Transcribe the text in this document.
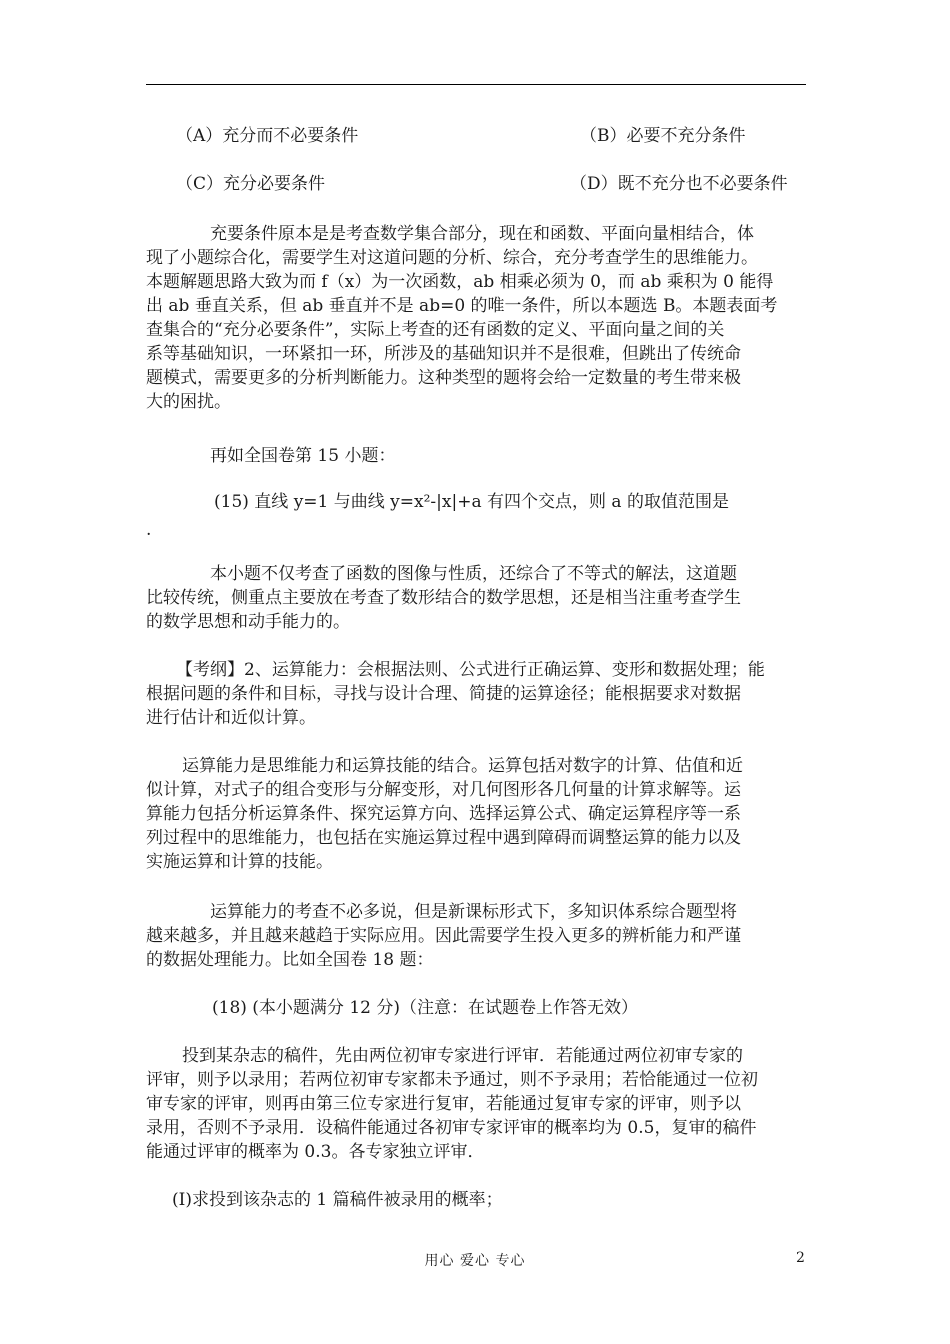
（A）充分而不必要条件	（B）必要不充分条件
（C）充分必要条件	（D）既不充分也不必要条件
充要条件原本是是考查数学集合部分，现在和函数、平面向量相结合，体
现了小题综合化，需要学生对这道问题的分析、综合，充分考查学生的思维能力。
本题解题思路大致为而 f（x）为一次函数，ab 相乘必须为 0，而 ab 乘积为 0 能得
出 ab 垂直关系，但 ab 垂直并不是 ab=0 的唯一条件，所以本题选 B。本题表面考
查集合的“充分必要条件”，实际上考查的还有函数的定义、平面向量之间的关
系等基础知识，一环紧扣一环，所涉及的基础知识并不是很难，但跳出了传统命
题模式，需要更多的分析判断能力。这种类型的题将会给一定数量的考生带来极
大的困扰。
再如全国卷第 15 小题：
(15) 直线 y=1 与曲线 y=x²-|x|+a 有四个交点，则 a 的取值范围是
.
本小题不仅考查了函数的图像与性质，还综合了不等式的解法，这道题
比较传统，侧重点主要放在考查了数形结合的数学思想，还是相当注重考查学生
的数学思想和动手能力的。
【考纲】2、运算能力：会根据法则、公式进行正确运算、变形和数据处理；能
根据问题的条件和目标，寻找与设计合理、简捷的运算途径；能根据要求对数据
进行估计和近似计算。
运算能力是思维能力和运算技能的结合。运算包括对数字的计算、估值和近
似计算，对式子的组合变形与分解变形，对几何图形各几何量的计算求解等。运
算能力包括分析运算条件、探究运算方向、选择运算公式、确定运算程序等一系
列过程中的思维能力，也包括在实施运算过程中遇到障碍而调整运算的能力以及
实施运算和计算的技能。
运算能力的考查不必多说，但是新课标形式下，多知识体系综合题型将
越来越多，并且越来越趋于实际应用。因此需要学生投入更多的辨析能力和严谨
的数据处理能力。比如全国卷 18 题：
(18) (本小题满分 12 分)（注意：在试题卷上作答无效）
投到某杂志的稿件，先由两位初审专家进行评审．若能通过两位初审专家的
评审，则予以录用；若两位初审专家都未予通过，则不予录用；若恰能通过一位初
审专家的评审，则再由第三位专家进行复审，若能通过复审专家的评审，则予以
录用，否则不予录用．设稿件能通过各初审专家评审的概率均为 0.5，复审的稿件
能通过评审的概率为 0.3。各专家独立评审．
(I)求投到该杂志的 1 篇稿件被录用的概率；
用心 爱心 专心	2
